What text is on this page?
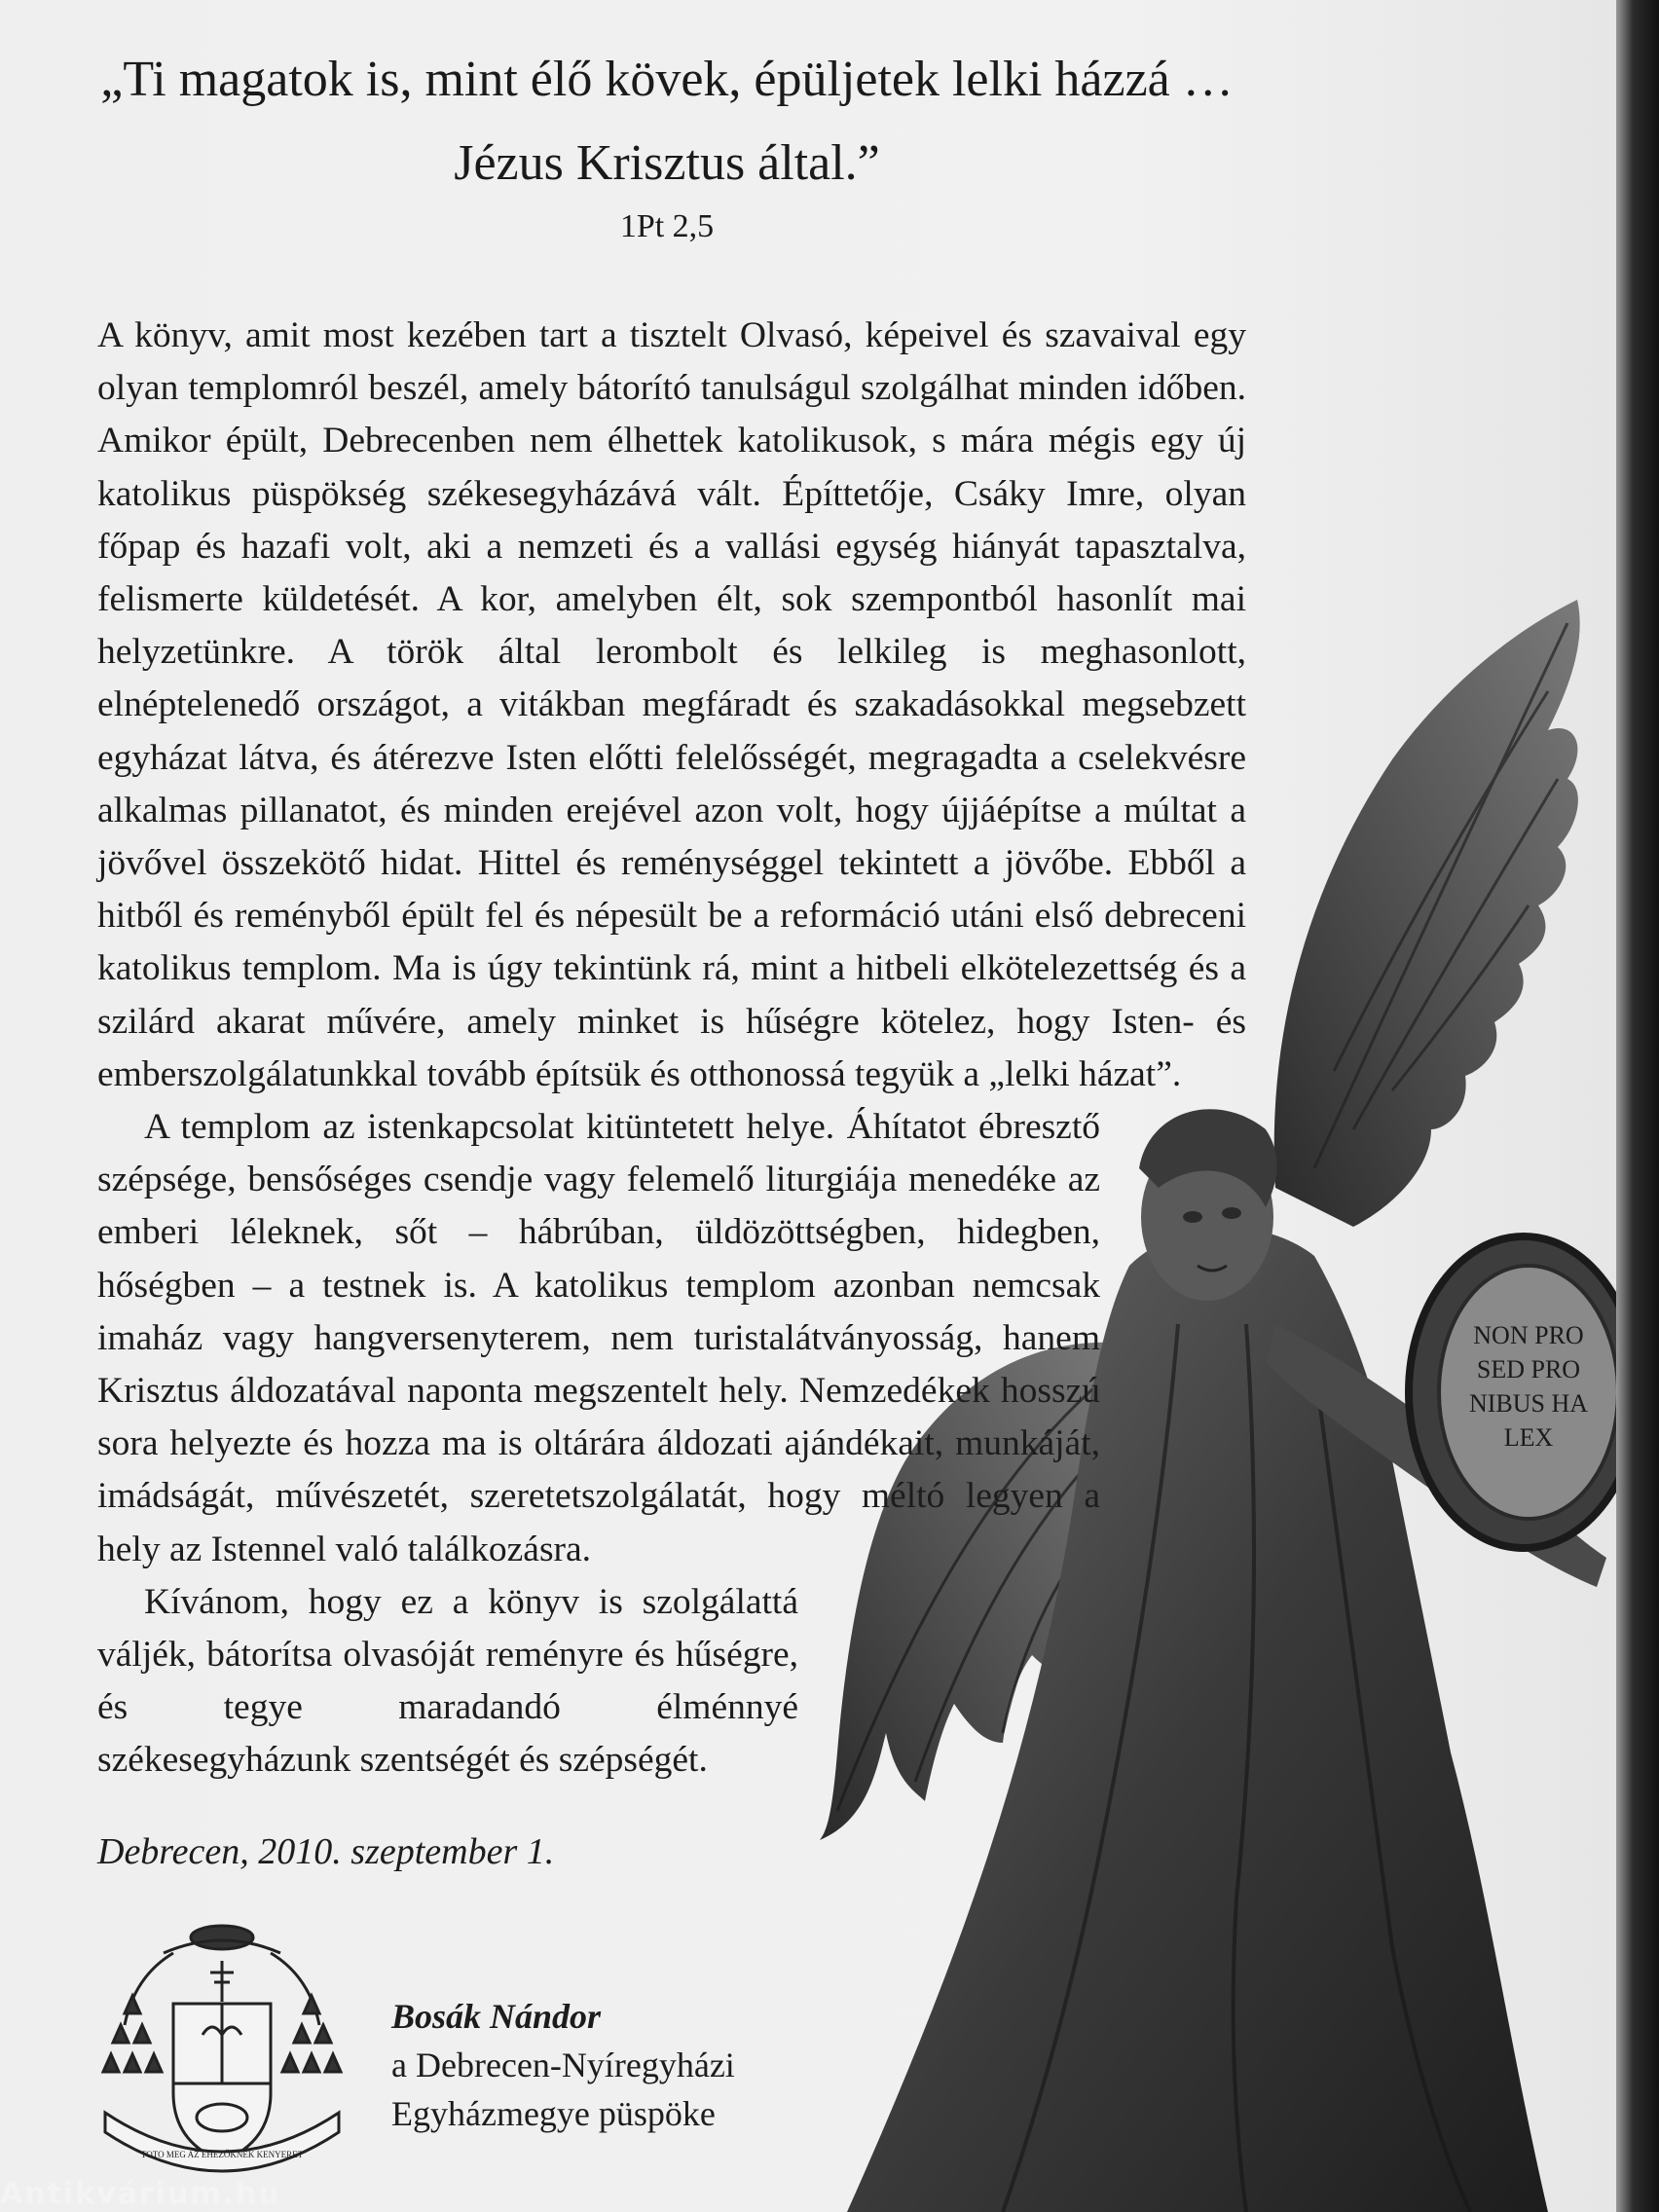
„Ti magatok is, mint élő kövek, épüljetek lelki házzá …
Jézus Krisztus által.”
1Pt 2,5
NON PRO
SED PRO
NIBUS HA
LEX

A könyv, amit most kezében tart a tisztelt Olvasó, képeivel és szavaival egy olyan templomról beszél, amely bátorító tanulságul szolgálhat minden időben. Amikor épült, Debrecenben nem élhettek katolikusok, s mára mégis egy új katolikus püspökség székesegyházává vált. Építtetője, Csáky Imre, olyan főpap és hazafi volt, aki a nemzeti és a vallási egység hiányát tapasztalva, felismerte küldetését. A kor, amelyben élt, sok szempontból hasonlít mai helyzetünkre. A török által lerombolt és lelkileg is meghasonlott, elnéptelenedő országot, a vitákban megfáradt és szakadásokkal megsebzett egyházat látva, és átérezve Isten előtti felelősségét, megragadta a cselekvésre alkalmas pillanatot, és minden erejével azon volt, hogy újjáépítse a múltat a jövővel összekötő hidat. Hittel és reménységgel tekintett a jövőbe. Ebből a hitből és reményből épült fel és népesült be a reformáció utáni első debreceni katolikus templom. Ma is úgy tekintünk rá, mint a hitbeli elkötelezettség és a szilárd akarat művére, amely minket is hűségre kötelez, hogy Isten- és emberszolgálatunkkal tovább építsük és otthonossá tegyük a „lelki házat”.

A templom az istenkapcsolat kitüntetett helye. Áhítatot ébresztő szépsége, bensőséges csendje vagy felemelő liturgiája menedéke az emberi léleknek, sőt – hábrúban, üldözöttségben, hidegben, hőségben – a testnek is. A katolikus templom azonban nemcsak imaház vagy hangversenyterem, nem turistalátványosság, hanem Krisztus áldozatával naponta megszentelt hely. Nemzedékek hosszú sora helyezte és hozza ma is oltárára áldozati ajándékait, munkáját, imádságát, művészetét, szeretetszolgálatát, hogy méltó legyen a hely az Istennel való találkozásra.

Kívánom, hogy ez a könyv is szolgálattá váljék, bátorítsa olvasóját reményre és hűségre, és tegye maradandó élménnyé székesegyházunk szentségét és szépségét.

Debrecen, 2010. szeptember 1.
TOTO MEG AZ EHEZŐKNEK KENYERET
Bosák Nándor
a Debrecen-Nyíregyházi
Egyházmegye püspöke
Antikvárium.hu
